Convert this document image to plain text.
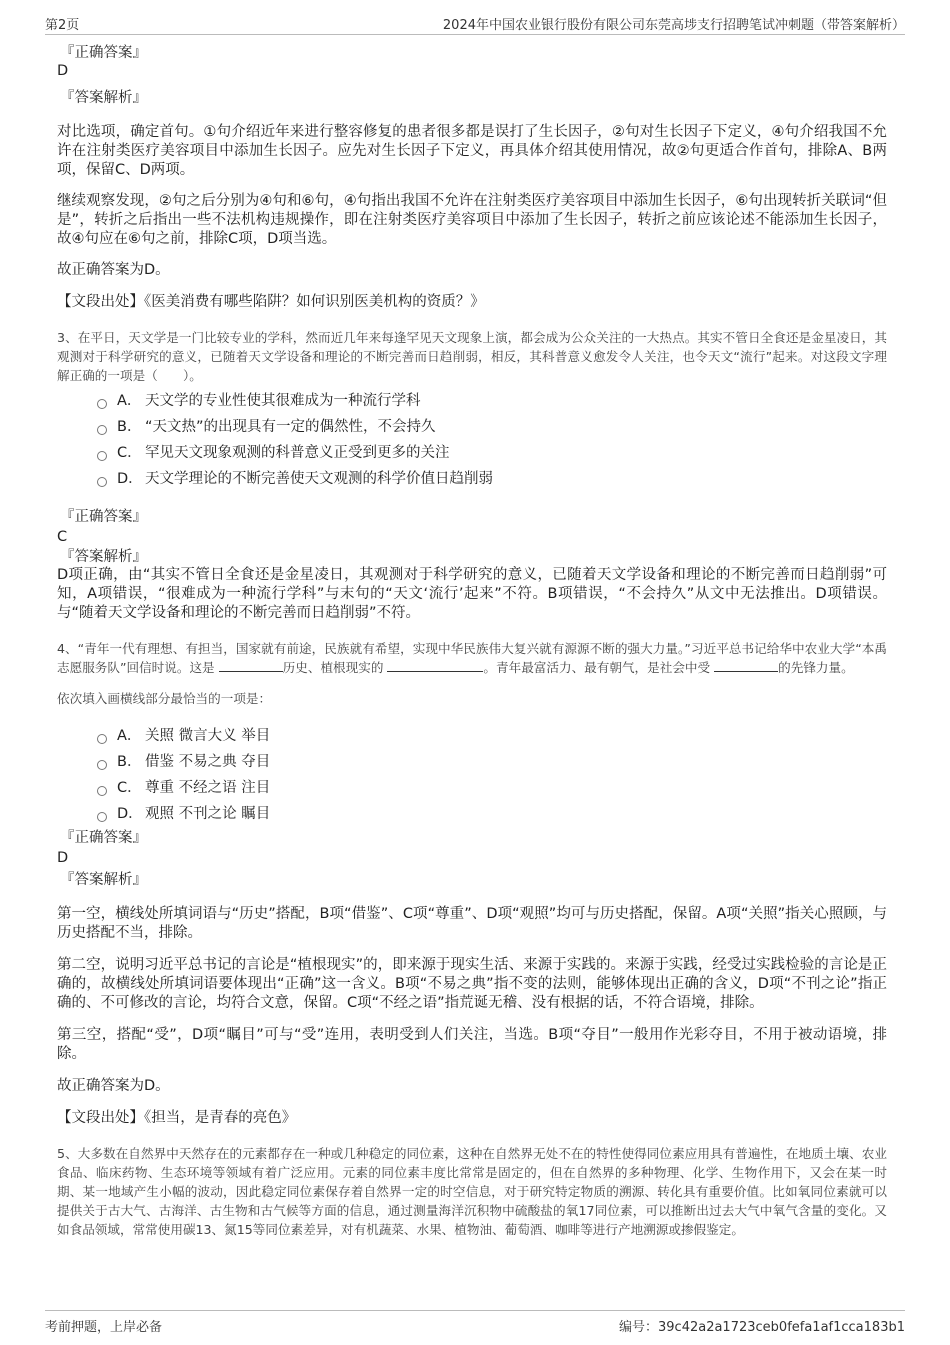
第2页	2024年中国农业银行股份有限公司东莞高埗支行招聘笔试冲刺题（带答案解析）
『正确答案』
D
『答案解析』

对比选项，确定首句。①句介绍近年来进行整容修复的患者很多都是误打了生长因子，②句对生长因子下定义，④句介绍我国不允许在注射类医疗美容项目中添加生长因子。应先对生长因子下定义，再具体介绍其使用情况，故②句更适合作首句，排除A、B两项，保留C、D两项。

继续观察发现，②句之后分别为④句和⑥句，④句指出我国不允许在注射类医疗美容项目中添加生长因子，⑥句出现转折关联词“但是”，转折之后指出一些不法机构违规操作，即在注射类医疗美容项目中添加了生长因子，转折之前应该论述不能添加生长因子，故④句应在⑥句之前，排除C项，D项当选。

故正确答案为D。

【文段出处】《医美消费有哪些陷阱？如何识别医美机构的资质？》

3、在平日，天文学是一门比较专业的学科，然而近几年来每逢罕见天文现象上演，都会成为公众关注的一大热点。其实不管日全食还是金星凌日，其观测对于科学研究的意义，已随着天文学设备和理论的不断完善而日趋削弱，相反，其科普意义愈发令人关注，也令天文“流行”起来。对这段文字理解正确的一项是（　　）。

A． 天文学的专业性使其很难成为一种流行学科
B． “天文热”的出现具有一定的偶然性，不会持久
C． 罕见天文现象观测的科普意义正受到更多的关注
D． 天文学理论的不断完善使天文观测的科学价值日趋削弱
『正确答案』
C
『答案解析』

D项正确，由“其实不管日全食还是金星凌日，其观测对于科学研究的意义，已随着天文学设备和理论的不断完善而日趋削弱”可知，A项错误，“很难成为一种流行学科”与末句的“天文‘流行’起来”不符。B项错误，“不会持久”从文中无法推出。D项错误。与“随着天文学设备和理论的不断完善而日趋削弱”不符。

4、“青年一代有理想、有担当，国家就有前途，民族就有希望，实现中华民族伟大复兴就有源源不断的强大力量。”习近平总书记给华中农业大学“本禹志愿服务队”回信时说。这是	历史、植根现实的	。青年最富活力、最有朝气，是社会中受	的先锋力量。

依次填入画横线部分最恰当的一项是：

A． 关照 微言大义 举目
B． 借鉴 不易之典 夺目
C． 尊重 不经之语 注目
D． 观照 不刊之论 瞩目
『正确答案』
D
『答案解析』

第一空，横线处所填词语与“历史”搭配，B项“借鉴”、C项“尊重”、D项“观照”均可与历史搭配，保留。A项“关照”指关心照顾，与历史搭配不当，排除。

第二空，说明习近平总书记的言论是“植根现实”的，即来源于现实生活、来源于实践的。来源于实践，经受过实践检验的言论是正确的，故横线处所填词语要体现出“正确”这一含义。B项“不易之典”指不变的法则，能够体现出正确的含义，D项“不刊之论”指正确的、不可修改的言论，均符合文意，保留。C项“不经之语”指荒诞无稽、没有根据的话，不符合语境，排除。

第三空，搭配“受”，D项“瞩目”可与“受”连用，表明受到人们关注，当选。B项“夺目”一般用作光彩夺目，不用于被动语境，排除。

故正确答案为D。

【文段出处】《担当，是青春的亮色》

5、大多数在自然界中天然存在的元素都存在一种或几种稳定的同位素，这种在自然界无处不在的特性使得同位素应用具有普遍性，在地质土壤、农业食品、临床药物、生态环境等领域有着广泛应用。元素的同位素丰度比常常是固定的，但在自然界的多种物理、化学、生物作用下，又会在某一时期、某一地域产生小幅的波动，因此稳定同位素保存着自然界一定的时空信息，对于研究特定物质的溯源、转化具有重要价值。比如氧同位素就可以提供关于古大气、古海洋、古生物和古气候等方面的信息，通过测量海洋沉积物中硫酸盐的氧17同位素，可以推断出过去大气中氧气含量的变化。又如食品领域，常常使用碳13、氮15等同位素差异，对有机蔬菜、水果、植物油、葡萄酒、咖啡等进行产地溯源或掺假鉴定。

考前押题，上岸必备	编号：39c42a2a1723ceb0fefa1af1cca183b1
